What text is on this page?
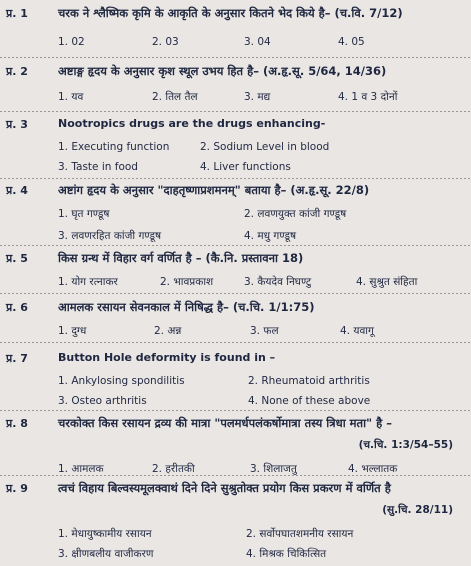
प्र. 1	चरक ने श्लैष्मिक कृमि के आकृति के अनुसार कितने भेद किये है– (च.वि. 7/12)
1. 02	2. 03	3. 04	4. 05
प्र. 2	अष्टाङ्ग हृदय के अनुसार कृश स्थूल उभय हित है– (अ.हृ.सू. 5/64, 14/36)
1. यव	2. तिल तैल	3. मद्य	4. 1 व 3 दोनों
प्र. 3	Nootropics drugs are the drugs enhancing-
1. Executing function	2. Sodium Level in blood
3. Taste in food	4. Liver functions
प्र. 4	अष्टांग हृदय के अनुसार "दाहतृष्णाप्रशमनम्" बताया है– (अ.हृ.सू. 22/8)
1. घृत गण्डूष	2. लवणयुक्त कांजी गण्डूष
3. लवणरहित कांजी गण्डूष	4. मधु गण्डूष
प्र. 5	किस ग्रन्थ में विहार वर्ग वर्णित है – (कै.नि. प्रस्तावना 18)
1. योग रत्नाकर	2. भावप्रकाश	3. कैयदेव निघण्टु	4. सुश्रुत संहिता
प्र. 6	आमलक रसायन सेवनकाल में निषिद्ध है– (च.चि. 1/1:75)
1. दुग्ध	2. अन्न	3. फल	4. यवागू
प्र. 7	Button Hole deformity is found in –
1. Ankylosing spondilitis	2. Rheumatoid arthritis
3. Osteo arthritis	4. None of these above
प्र. 8	चरकोक्त किस रसायन द्रव्य की मात्रा "पलमर्धपलंकर्षोमात्रा तस्य त्रिधा मता" है –
(च.चि. 1:3/54–55)
1. आमलक	2. हरीतकी	3. शिलाजतु	4. भल्लातक
प्र. 9	त्वचं विहाय बिल्वस्यमूलक्वाथं दिने दिने सुश्रुतोक्त प्रयोग किस प्रकरण में वर्णित है
(सु.चि. 28/11)
1. मेधायुष्कामीय रसायन	2. सर्वोपघातशमनीय रसायन
3. क्षीणबलीय वाजीकरण	4. मिश्रक चिकित्सित
